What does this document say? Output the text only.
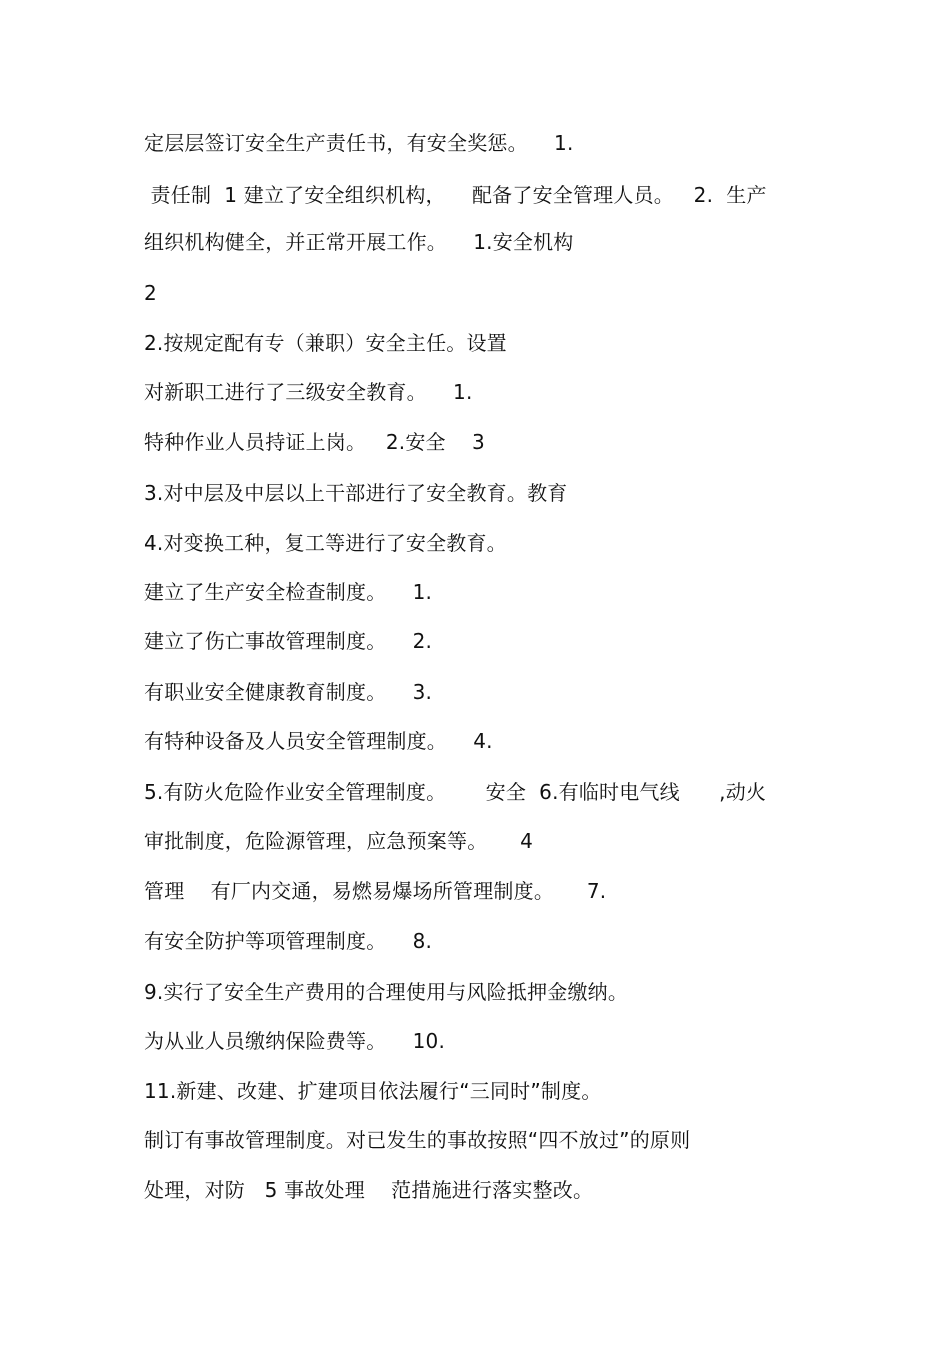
定层层签订安全生产责任书，有安全奖惩。    1.
责任制  1 建立了安全组织机构，    配备了安全管理人员。   2.  生产
组织机构健全，并正常开展工作。    1.安全机构
2
2.按规定配有专（兼职）安全主任。设置
对新职工进行了三级安全教育。    1.
特种作业人员持证上岗。   2.安全    3
3.对中层及中层以上干部进行了安全教育。教育
4.对变换工种，复工等进行了安全教育。
建立了生产安全检查制度。    1.
建立了伤亡事故管理制度。    2.
有职业安全健康教育制度。    3.
有特种设备及人员安全管理制度。    4.
5.有防火危险作业安全管理制度。      安全  6.有临时电气线      ,动火
审批制度，危险源管理，应急预案等。     4
管理    有厂内交通，易燃易爆场所管理制度。     7.
有安全防护等项管理制度。    8.
9.实行了安全生产费用的合理使用与风险抵押金缴纳。
为从业人员缴纳保险费等。    10.
11.新建、改建、扩建项目依法履行“三同时”制度。
制订有事故管理制度。对已发生的事故按照“四不放过”的原则
处理，对防   5 事故处理    范措施进行落实整改。
